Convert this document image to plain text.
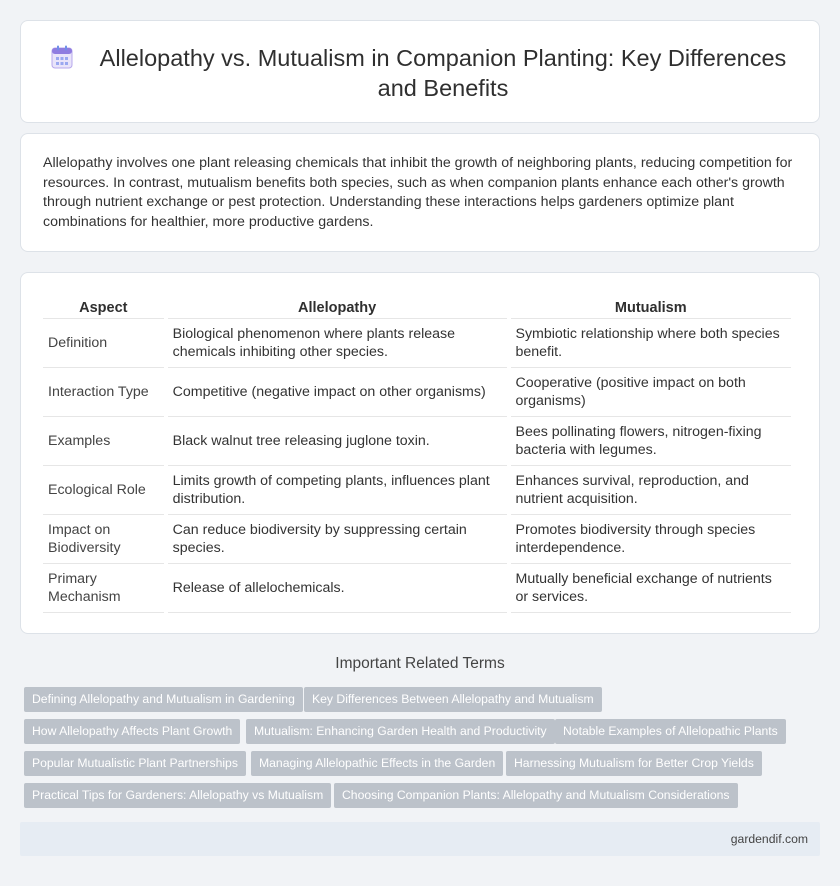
Allelopathy vs. Mutualism in Companion Planting: Key Differences and Benefits

Allelopathy involves one plant releasing chemicals that inhibit the growth of neighboring plants, reducing competition for resources. In contrast, mutualism benefits both species, such as when companion plants enhance each other's growth through nutrient exchange or pest protection. Understanding these interactions helps gardeners optimize plant combinations for healthier, more productive gardens.

Aspect	Allelopathy	Mutualism
Definition	Biological phenomenon where plants release chemicals inhibiting other species.	Symbiotic relationship where both species benefit.
Interaction Type	Competitive (negative impact on other organisms)	Cooperative (positive impact on both organisms)
Examples	Black walnut tree releasing juglone toxin.	Bees pollinating flowers, nitrogen-fixing bacteria with legumes.
Ecological Role	Limits growth of competing plants, influences plant distribution.	Enhances survival, reproduction, and nutrient acquisition.
Impact on Biodiversity	Can reduce biodiversity by suppressing certain species.	Promotes biodiversity through species interdependence.
Primary Mechanism	Release of allelochemicals.	Mutually beneficial exchange of nutrients or services.
Important Related Terms
Defining Allelopathy and Mutualism in Gardening	Key Differences Between Allelopathy and Mutualism
How Allelopathy Affects Plant Growth	Mutualism: Enhancing Garden Health and Productivity	Notable Examples of Allelopathic Plants
Popular Mutualistic Plant Partnerships	Managing Allelopathic Effects in the Garden	Harnessing Mutualism for Better Crop Yields
Practical Tips for Gardeners: Allelopathy vs Mutualism	Choosing Companion Plants: Allelopathy and Mutualism Considerations
gardendif.com
